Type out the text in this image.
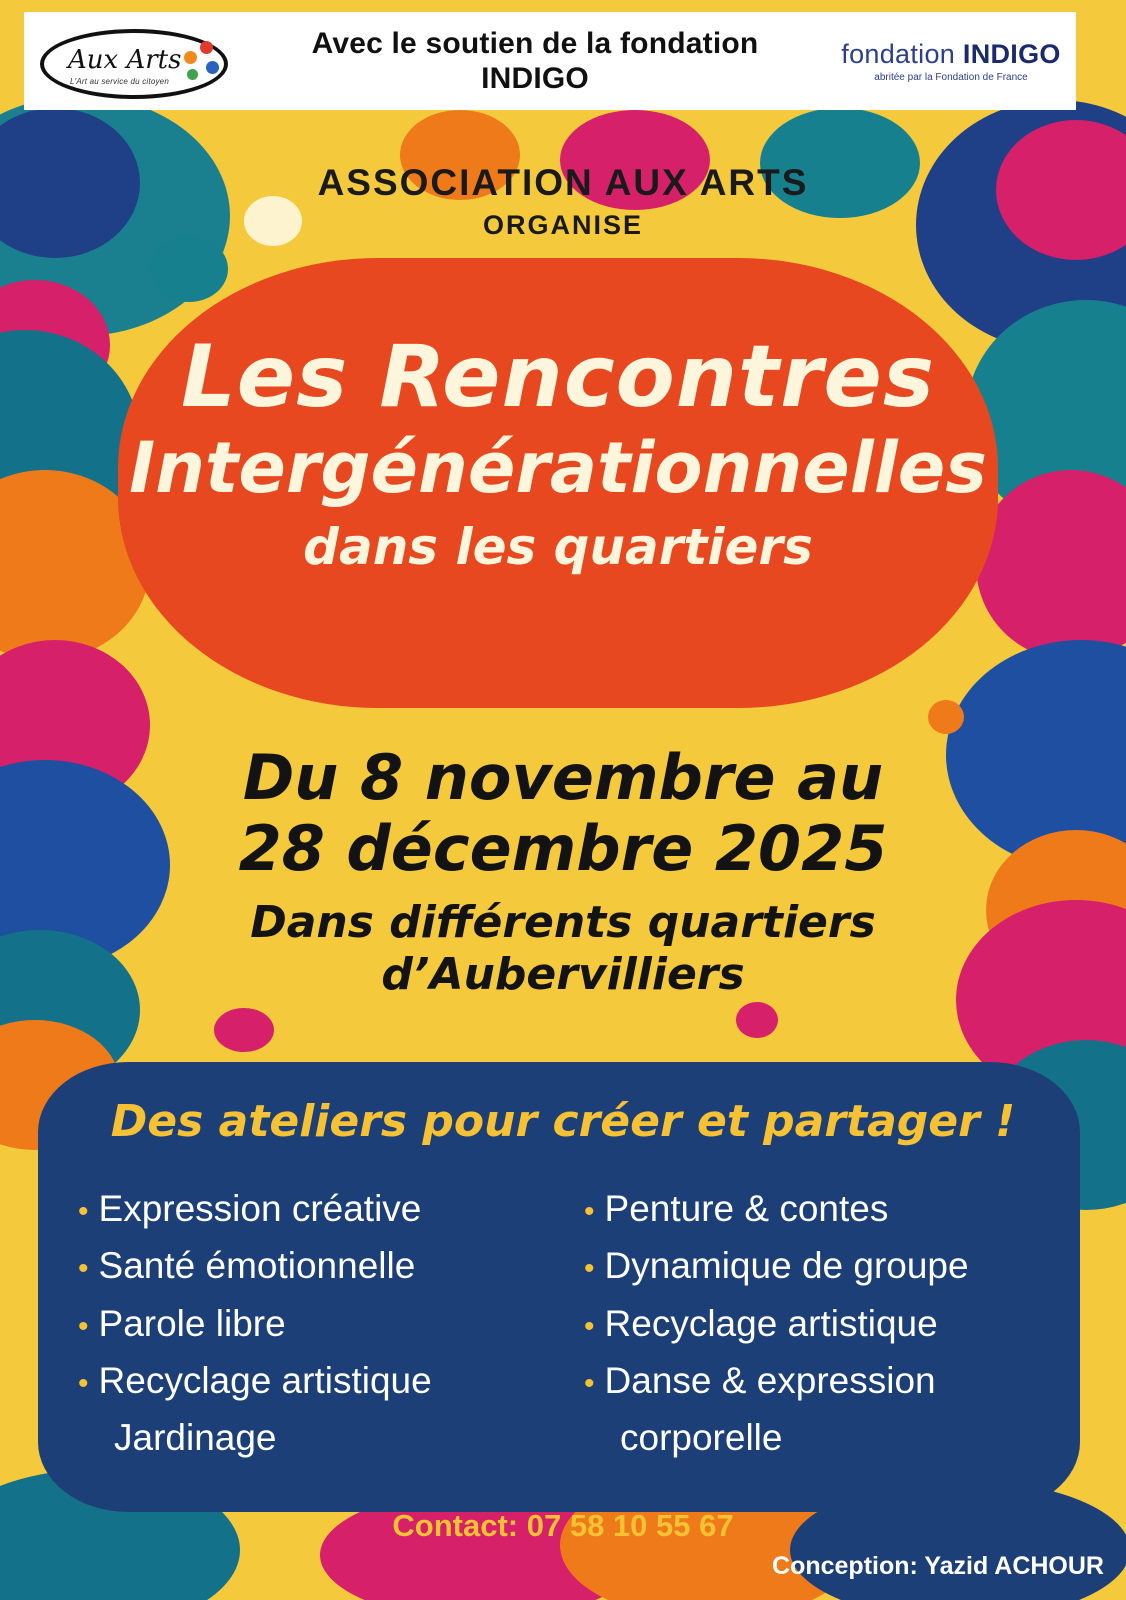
Aux Arts
L'Art au service du citoyen
Avec le soutien de la fondation
INDIGO
fondation INDIGO
abritée par la Fondation de France
ASSOCIATION AUX ARTS
ORGANISE
Les Rencontres
Intergénérationnelles
dans les quartiers
Du 8 novembre au
28 décembre 2025
Dans différents quartiers
d’Aubervilliers
Des ateliers pour créer et partager !
• Expression créative
• Santé émotionnelle
• Parole libre
• Recyclage artistique
Jardinage
• Penture & contes
• Dynamique de groupe
• Recyclage artistique
• Danse & expression
corporelle
Contact: 07 58 10 55 67
Conception: Yazid ACHOUR
